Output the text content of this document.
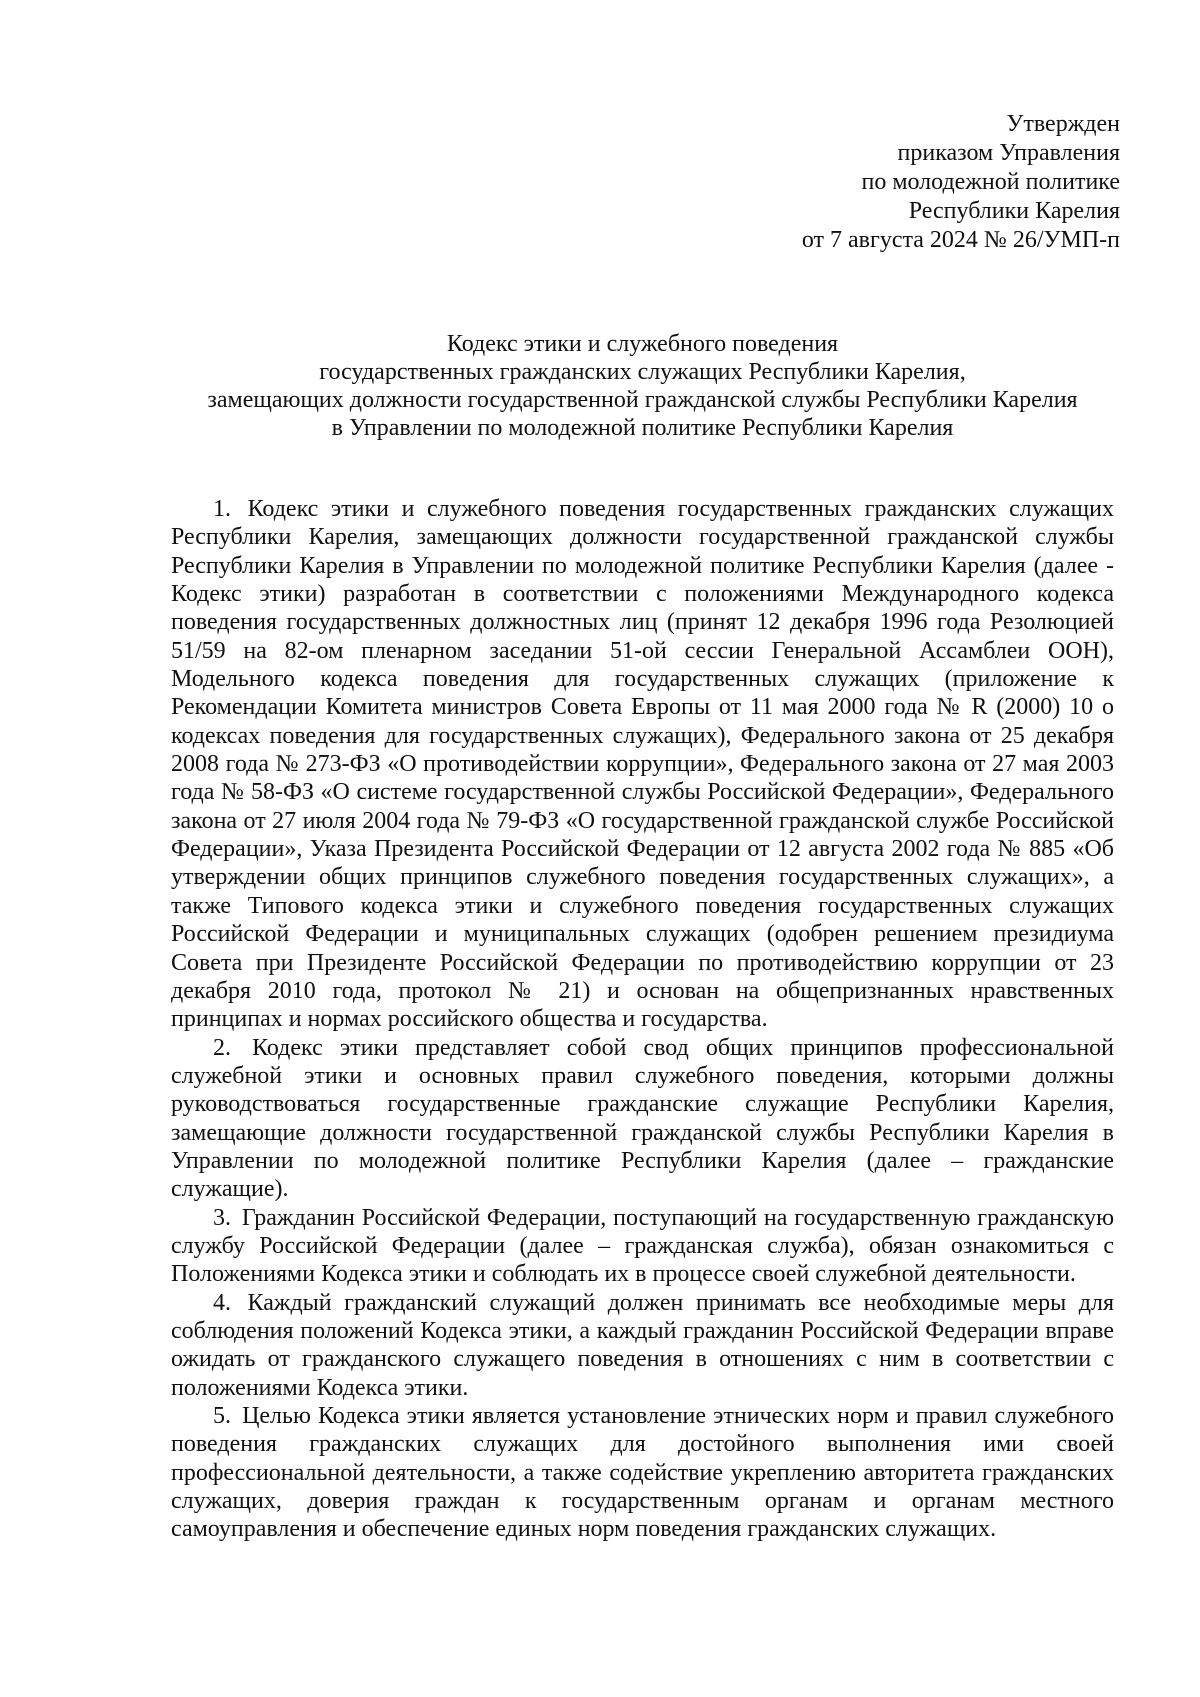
Утвержден
приказом Управления
по молодежной политике
Республики Карелия
от 7 августа 2024 № 26/УМП-п
Кодекс этики и служебного поведения
государственных гражданских служащих Республики Карелия,
замещающих должности государственной гражданской службы Республики Карелия
в Управлении по молодежной политике Республики Карелия

1. Кодекс этики и служебного поведения государственных гражданских служащих Республики Карелия, замещающих должности государственной гражданской службы Республики Карелия в Управлении по молодежной политике Республики Карелия (далее - Кодекс этики) разработан в соответствии с положениями Международного кодекса поведения государственных должностных лиц (принят 12 декабря 1996 года Резолюцией 51/59 на 82-ом пленарном заседании 51-ой сессии Генеральной Ассамблеи ООН), Модельного кодекса поведения для государственных служащих (приложение к Рекомендации Комитета министров Совета Европы от 11 мая 2000 года № R (2000) 10 о кодексах поведения для государственных служащих), Федерального закона от 25 декабря 2008 года № 273-ФЗ «О противодействии коррупции», Федерального закона от 27 мая 2003 года № 58-ФЗ «О системе государственной службы Российской Федерации», Федерального закона от 27 июля 2004 года № 79-ФЗ «О государственной гражданской службе Российской Федерации», Указа Президента Российской Федерации от 12 августа 2002 года № 885 «Об утверждении общих принципов служебного поведения государственных служащих», а также Типового кодекса этики и служебного поведения государственных служащих Российской Федерации и муниципальных служащих (одобрен решением президиума Совета при Президенте Российской Федерации по противодействию коррупции от 23 декабря 2010 года, протокол № 21) и основан на общепризнанных нравственных принципах и нормах российского общества и государства.

2. Кодекс этики представляет собой свод общих принципов профессиональной служебной этики и основных правил служебного поведения, которыми должны руководствоваться государственные гражданские служащие Республики Карелия, замещающие должности государственной гражданской службы Республики Карелия в Управлении по молодежной политике Республики Карелия (далее – гражданские служащие).

3. Гражданин Российской Федерации, поступающий на государственную гражданскую службу Российской Федерации (далее – гражданская служба), обязан ознакомиться с Положениями Кодекса этики и соблюдать их в процессе своей служебной деятельности.

4. Каждый гражданский служащий должен принимать все необходимые меры для соблюдения положений Кодекса этики, а каждый гражданин Российской Федерации вправе ожидать от гражданского служащего поведения в отношениях с ним в соответствии с положениями Кодекса этики.

5. Целью Кодекса этики является установление этнических норм и правил служебного поведения гражданских служащих для достойного выполнения ими своей профессиональной деятельности, а также содействие укреплению авторитета гражданских служащих, доверия граждан к государственным органам и органам местного самоуправления и обеспечение единых норм поведения гражданских служащих.
